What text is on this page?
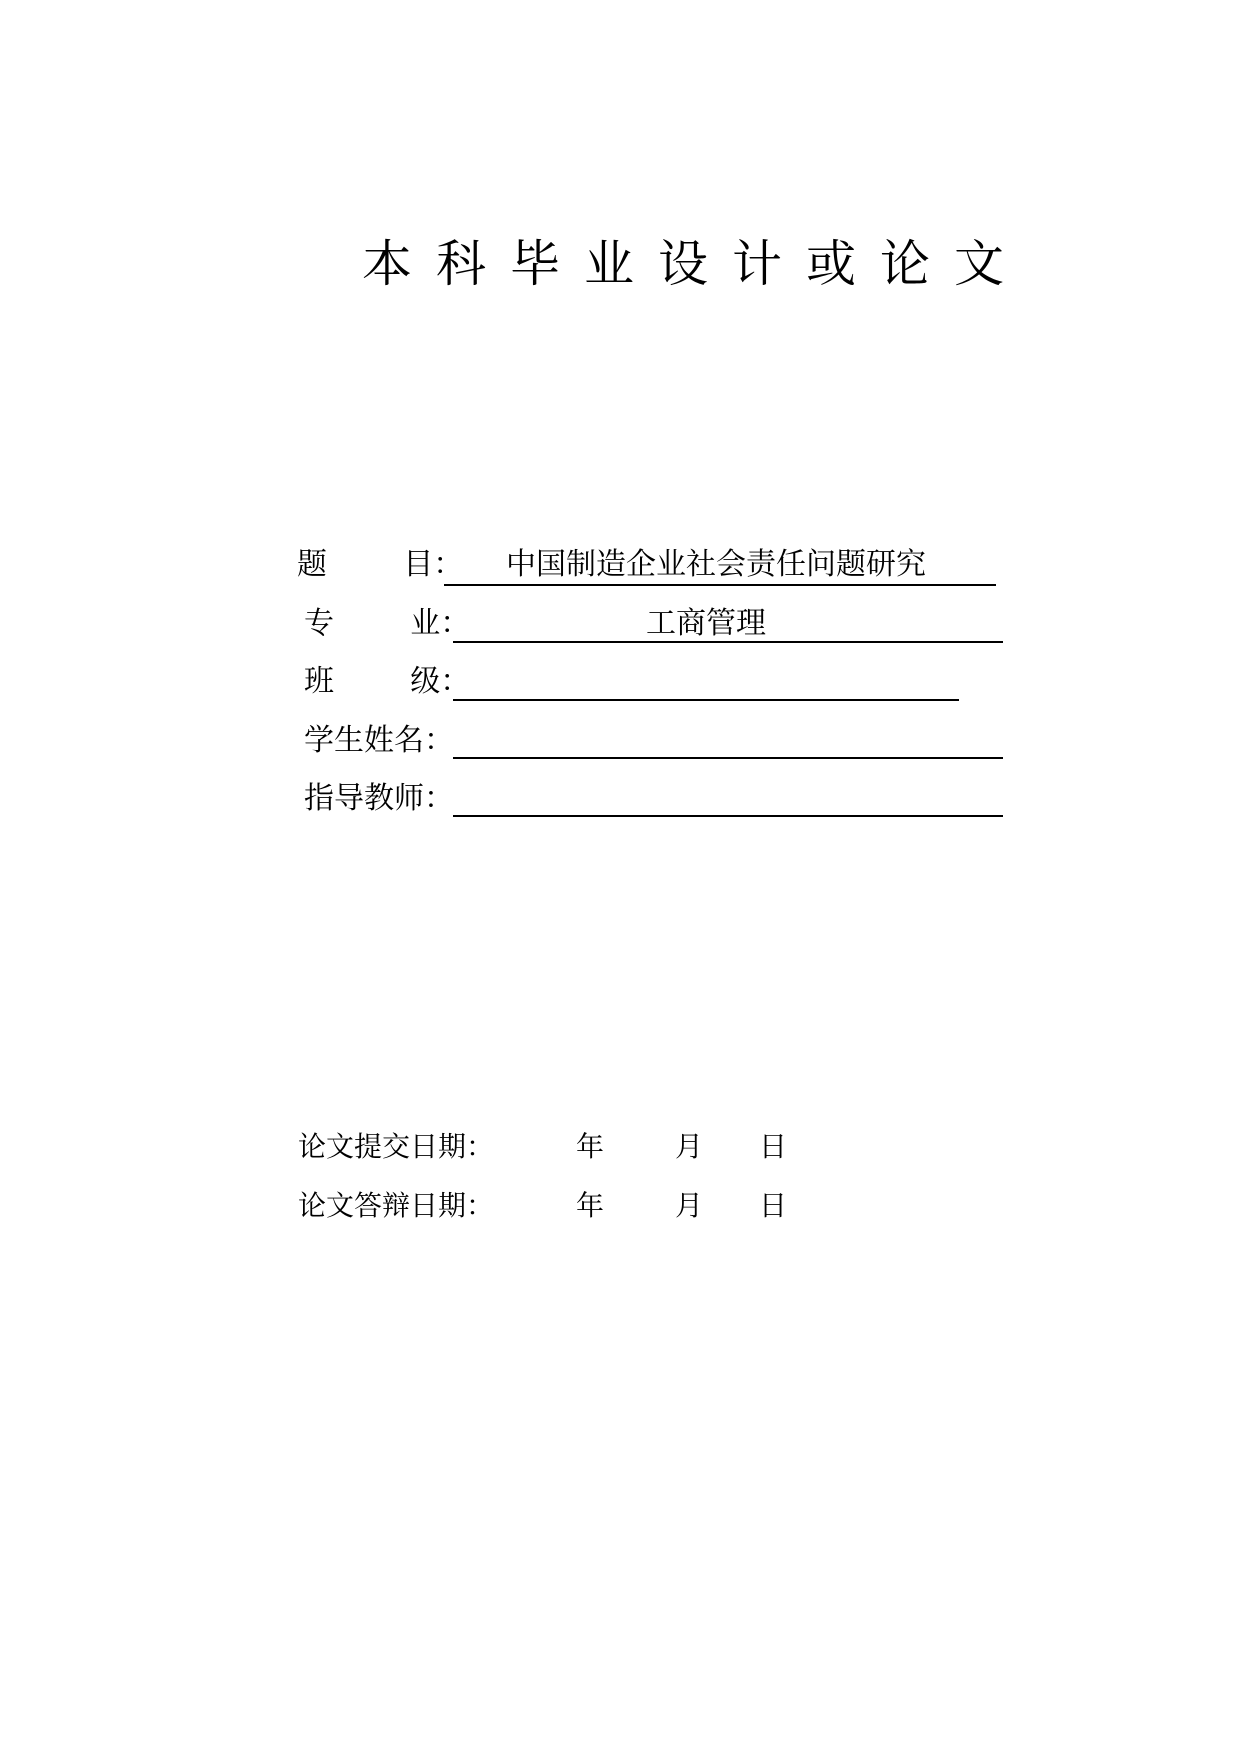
本科毕业设计或论文
题        目： 中国制造企业社会责任问题研究
专        业：	工商管理
班        级：
学生姓名：
指导教师：
论文提交日期：	年	月 日
论文答辩日期：	年	月 日
